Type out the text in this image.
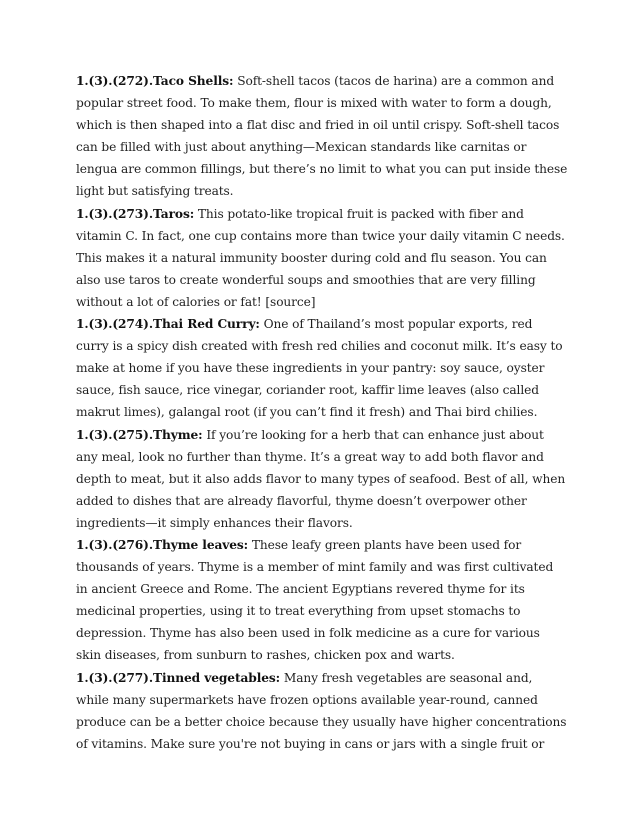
1.(3).(272).Taco Shells: Soft-shell tacos (tacos de harina) are a common and popular street food. To make them, flour is mixed with water to form a dough, which is then shaped into a flat disc and fried in oil until crispy. Soft-shell tacos can be filled with just about anything—Mexican standards like carnitas or lengua are common fillings, but there’s no limit to what you can put inside these light but satisfying treats.

1.(3).(273).Taros: This potato-like tropical fruit is packed with fiber and vitamin C. In fact, one cup contains more than twice your daily vitamin C needs. This makes it a natural immunity booster during cold and flu season. You can also use taros to create wonderful soups and smoothies that are very filling without a lot of calories or fat! [source]

1.(3).(274).Thai Red Curry: One of Thailand’s most popular exports, red curry is a spicy dish created with fresh red chilies and coconut milk. It’s easy to make at home if you have these ingredients in your pantry: soy sauce, oyster sauce, fish sauce, rice vinegar, coriander root, kaffir lime leaves (also called makrut limes), galangal root (if you can’t find it fresh) and Thai bird chilies.

1.(3).(275).Thyme: If you’re looking for a herb that can enhance just about any meal, look no further than thyme. It’s a great way to add both flavor and depth to meat, but it also adds flavor to many types of seafood. Best of all, when added to dishes that are already flavorful, thyme doesn’t overpower other ingredients—it simply enhances their flavors.

1.(3).(276).Thyme leaves: These leafy green plants have been used for thousands of years. Thyme is a member of mint family and was first cultivated in ancient Greece and Rome. The ancient Egyptians revered thyme for its medicinal properties, using it to treat everything from upset stomachs to depression. Thyme has also been used in folk medicine as a cure for various skin diseases, from sunburn to rashes, chicken pox and warts.

1.(3).(277).Tinned vegetables: Many fresh vegetables are seasonal and, while many supermarkets have frozen options available year-round, canned produce can be a better choice because they usually have higher concentrations of vitamins. Make sure you're not buying in cans or jars with a single fruit or
